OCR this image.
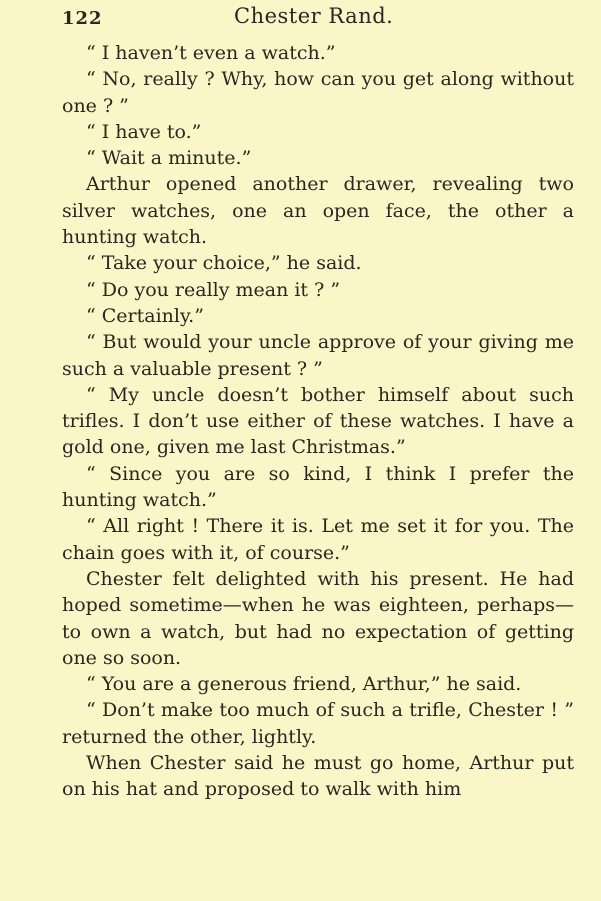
122	Chester Rand.

“ I haven’t even a watch.”

“ No, really ? Why, how can you get along without one ? ”

“ I have to.”

“ Wait a minute.”

Arthur opened another drawer, revealing two silver watches, one an open face, the other a hunting watch.

“ Take your choice,” he said.

“ Do you really mean it ? ”

“ Certainly.”

“ But would your uncle approve of your giving me such a valuable present ? ”

“ My uncle doesn’t bother himself about such trifles. I don’t use either of these watches. I have a gold one, given me last Christmas.”

“ Since you are so kind, I think I prefer the hunting watch.”

“ All right ! There it is. Let me set it for you. The chain goes with it, of course.”

Chester felt delighted with his present. He had hoped sometime—when he was eighteen, perhaps—to own a watch, but had no expectation of getting one so soon.

“ You are a generous friend, Arthur,” he said.

“ Don’t make too much of such a trifle, Chester ! ” returned the other, lightly.

When Chester said he must go home, Arthur put on his hat and proposed to walk with him
